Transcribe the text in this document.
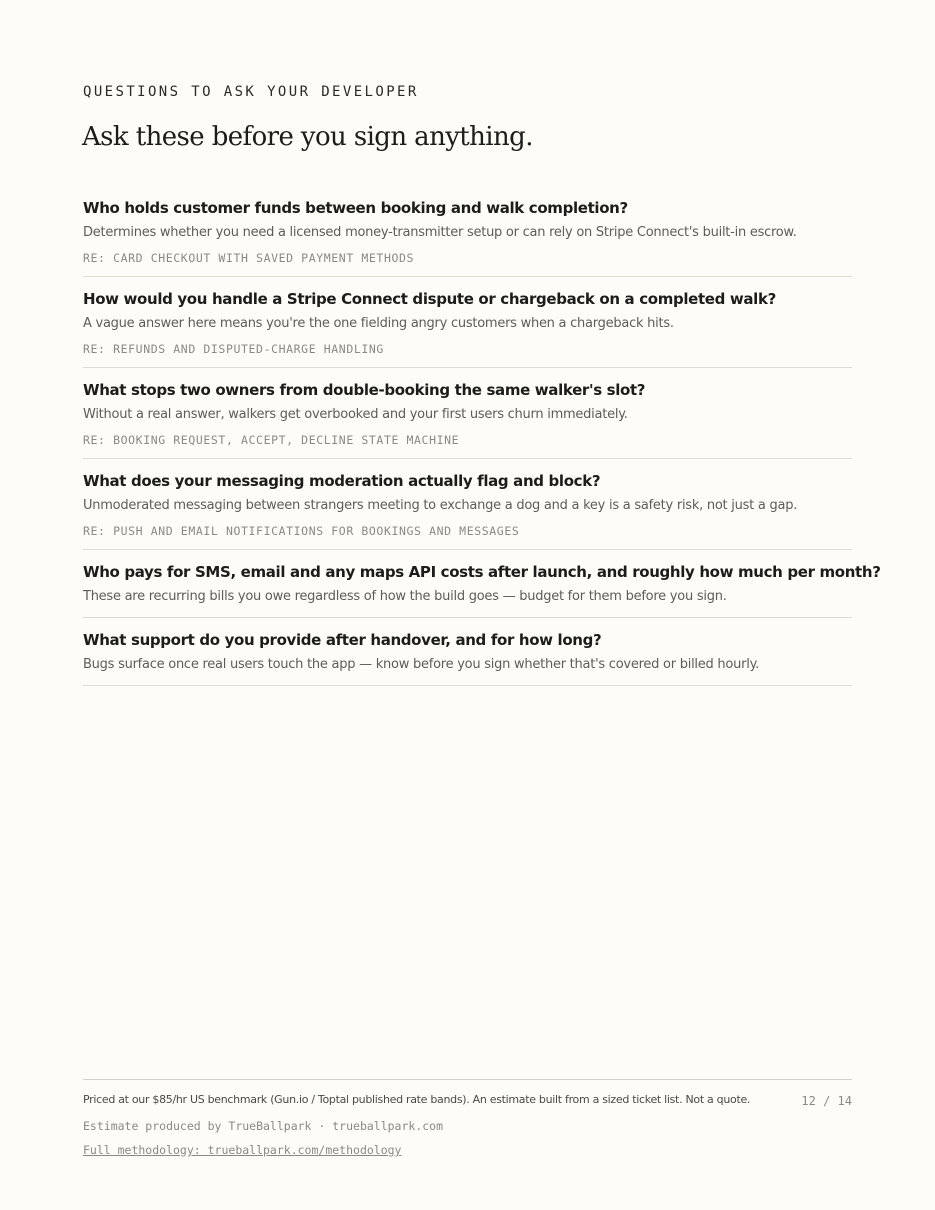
QUESTIONS TO ASK YOUR DEVELOPER
Ask these before you sign anything.
Who holds customer funds between booking and walk completion?
Determines whether you need a licensed money-transmitter setup or can rely on Stripe Connect's built-in escrow.
RE: CARD CHECKOUT WITH SAVED PAYMENT METHODS
How would you handle a Stripe Connect dispute or chargeback on a completed walk?
A vague answer here means you're the one fielding angry customers when a chargeback hits.
RE: REFUNDS AND DISPUTED-CHARGE HANDLING
What stops two owners from double-booking the same walker's slot?
Without a real answer, walkers get overbooked and your first users churn immediately.
RE: BOOKING REQUEST, ACCEPT, DECLINE STATE MACHINE
What does your messaging moderation actually flag and block?
Unmoderated messaging between strangers meeting to exchange a dog and a key is a safety risk, not just a gap.
RE: PUSH AND EMAIL NOTIFICATIONS FOR BOOKINGS AND MESSAGES
Who pays for SMS, email and any maps API costs after launch, and roughly how much per month?
These are recurring bills you owe regardless of how the build goes — budget for them before you sign.
What support do you provide after handover, and for how long?
Bugs surface once real users touch the app — know before you sign whether that's covered or billed hourly.
Priced at our $85/hr US benchmark (Gun.io / Toptal published rate bands). An estimate built from a sized ticket list. Not a quote.	12 / 14
Estimate produced by TrueBallpark · trueballpark.com
Full methodology: trueballpark.com/methodology
